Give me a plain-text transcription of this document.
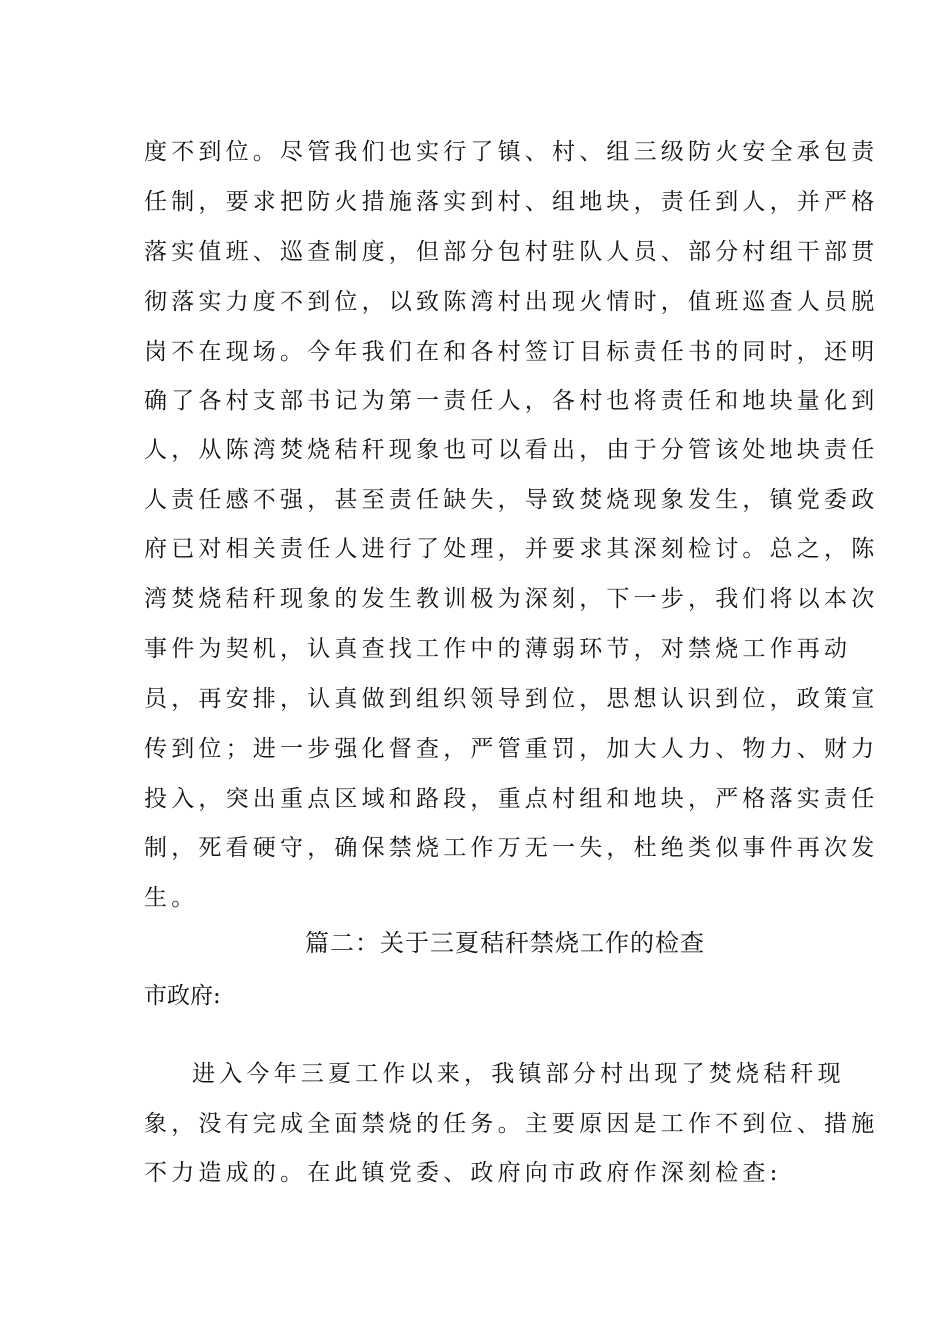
度不到位。尽管我们也实行了镇、村、组三级防火安全承包责
任制，要求把防火措施落实到村、组地块，责任到人，并严格
落实值班、巡查制度，但部分包村驻队人员、部分村组干部贯
彻落实力度不到位，以致陈湾村出现火情时，值班巡查人员脱
岗不在现场。今年我们在和各村签订目标责任书的同时，还明
确了各村支部书记为第一责任人，各村也将责任和地块量化到
人，从陈湾焚烧秸秆现象也可以看出，由于分管该处地块责任
人责任感不强，甚至责任缺失，导致焚烧现象发生，镇党委政
府已对相关责任人进行了处理，并要求其深刻检讨。总之，陈
湾焚烧秸秆现象的发生教训极为深刻，下一步，我们将以本次
事件为契机，认真查找工作中的薄弱环节，对禁烧工作再动
员，再安排，认真做到组织领导到位，思想认识到位，政策宣
传到位；进一步强化督查，严管重罚，加大人力、物力、财力
投入，突出重点区域和路段，重点村组和地块，严格落实责任
制，死看硬守，确保禁烧工作万无一失，杜绝类似事件再次发
生。
篇二：关于三夏秸秆禁烧工作的检查
市政府:
进入今年三夏工作以来，我镇部分村出现了焚烧秸秆现
象，没有完成全面禁烧的任务。主要原因是工作不到位、措施
不力造成的。在此镇党委、政府向市政府作深刻检查:
